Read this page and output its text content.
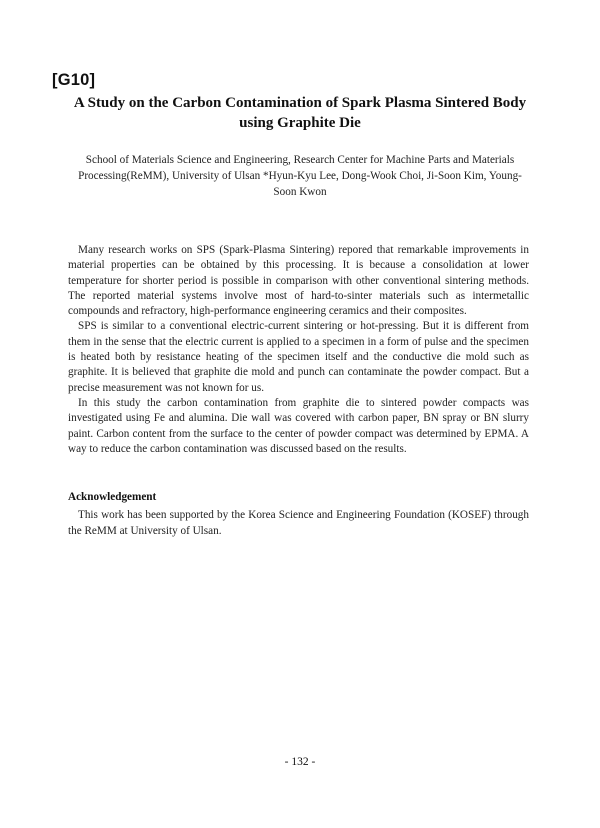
[G10]
A Study on the Carbon Contamination of Spark Plasma Sintered Body using Graphite Die
School of Materials Science and Engineering, Research Center for Machine Parts and Materials Processing(ReMM), University of Ulsan *Hyun-Kyu Lee, Dong-Wook Choi, Ji-Soon Kim, Young-Soon Kwon

Many research works on SPS (Spark-Plasma Sintering) repored that remarkable improvements in material properties can be obtained by this processing. It is because a consolidation at lower temperature for shorter period is possible in comparison with other conventional sintering methods. The reported material systems involve most of hard-to-sinter materials such as intermetallic compounds and refractory, high-performance engineering ceramics and their composites.

SPS is similar to a conventional electric-current sintering or hot-pressing. But it is different from them in the sense that the electric current is applied to a specimen in a form of pulse and the specimen is heated both by resistance heating of the specimen itself and the conductive die mold such as graphite. It is believed that graphite die mold and punch can contaminate the powder compact. But a precise measurement was not known for us.

In this study the carbon contamination from graphite die to sintered powder compacts was investigated using Fe and alumina. Die wall was covered with carbon paper, BN spray or BN slurry paint. Carbon content from the surface to the center of powder compact was determined by EPMA. A way to reduce the carbon contamination was discussed based on the results.

Acknowledgement

This work has been supported by the Korea Science and Engineering Foundation (KOSEF) through the ReMM at University of Ulsan.

- 132 -
